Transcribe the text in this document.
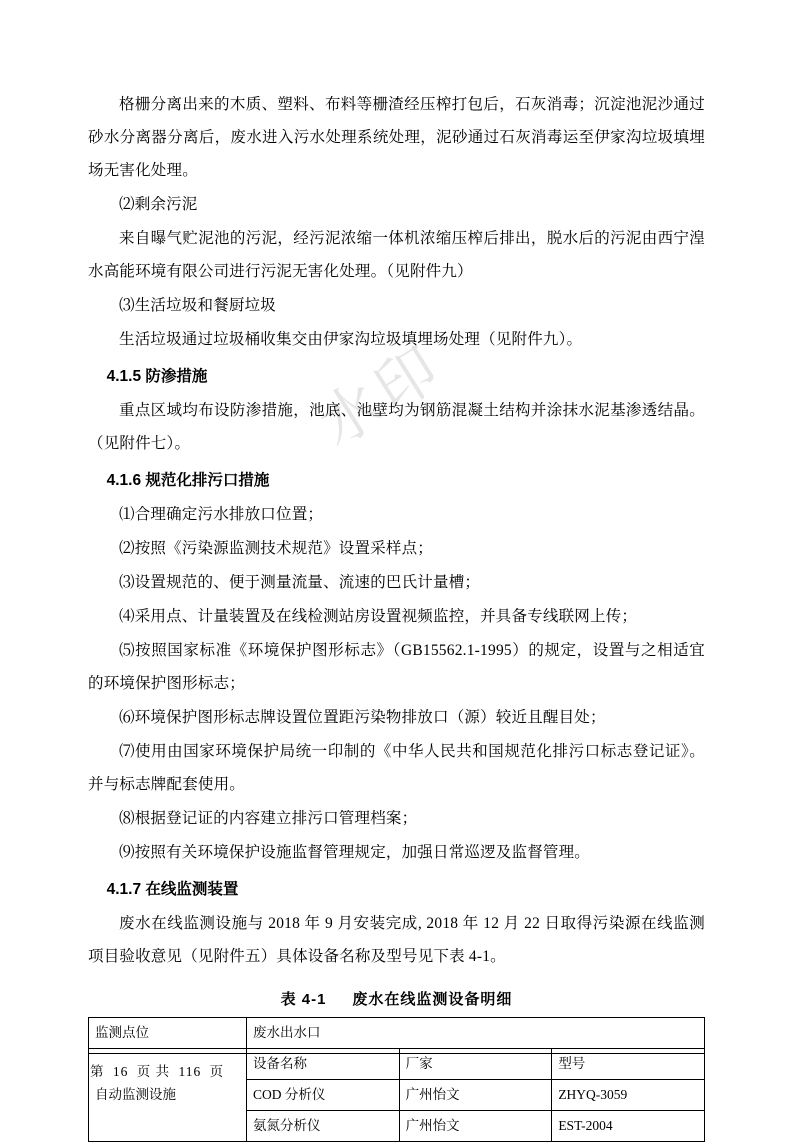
水印

格栅分离出来的木质、塑料、布料等栅渣经压榨打包后，石灰消毒；沉淀池泥沙通过砂水分离器分离后，废水进入污水处理系统处理，泥砂通过石灰消毒运至伊家沟垃圾填埋场无害化处理。

⑵剩余污泥

来自曝气贮泥池的污泥，经污泥浓缩一体机浓缩压榨后排出，脱水后的污泥由西宁湟水高能环境有限公司进行污泥无害化处理。（见附件九）

⑶生活垃圾和餐厨垃圾

生活垃圾通过垃圾桶收集交由伊家沟垃圾填埋场处理（见附件九）。

4.1.5 防渗措施

重点区域均布设防渗措施，池底、池壁均为钢筋混凝土结构并涂抹水泥基渗透结晶。（见附件七）。

4.1.6 规范化排污口措施

⑴合理确定污水排放口位置；

⑵按照《污染源监测技术规范》设置采样点；

⑶设置规范的、便于测量流量、流速的巴氏计量槽；

⑷采用点、计量装置及在线检测站房设置视频监控，并具备专线联网上传；

⑸按照国家标准《环境保护图形标志》（GB15562.1-1995）的规定，设置与之相适宜的环境保护图形标志；

⑹环境保护图形标志牌设置位置距污染物排放口（源）较近且醒目处；

⑺使用由国家环境保护局统一印制的《中华人民共和国规范化排污口标志登记证》。并与标志牌配套使用。

⑻根据登记证的内容建立排污口管理档案；

⑼按照有关环境保护设施监督管理规定，加强日常巡逻及监督管理。

4.1.7 在线监测装置

废水在线监测设施与 2018 年 9 月安装完成, 2018 年 12 月 22 日取得污染源在线监测项目验收意见（见附件五）具体设备名称及型号见下表 4-1。

表 4-1 废水在线监测设备明细
监测点位	废水出水口		
自动监测设施	设备名称	厂家	型号
	COD 分析仪	广州怡文	ZHYQ-3059
	氨氮分析仪	广州怡文	EST-2004
第 16 页 共 116 页
